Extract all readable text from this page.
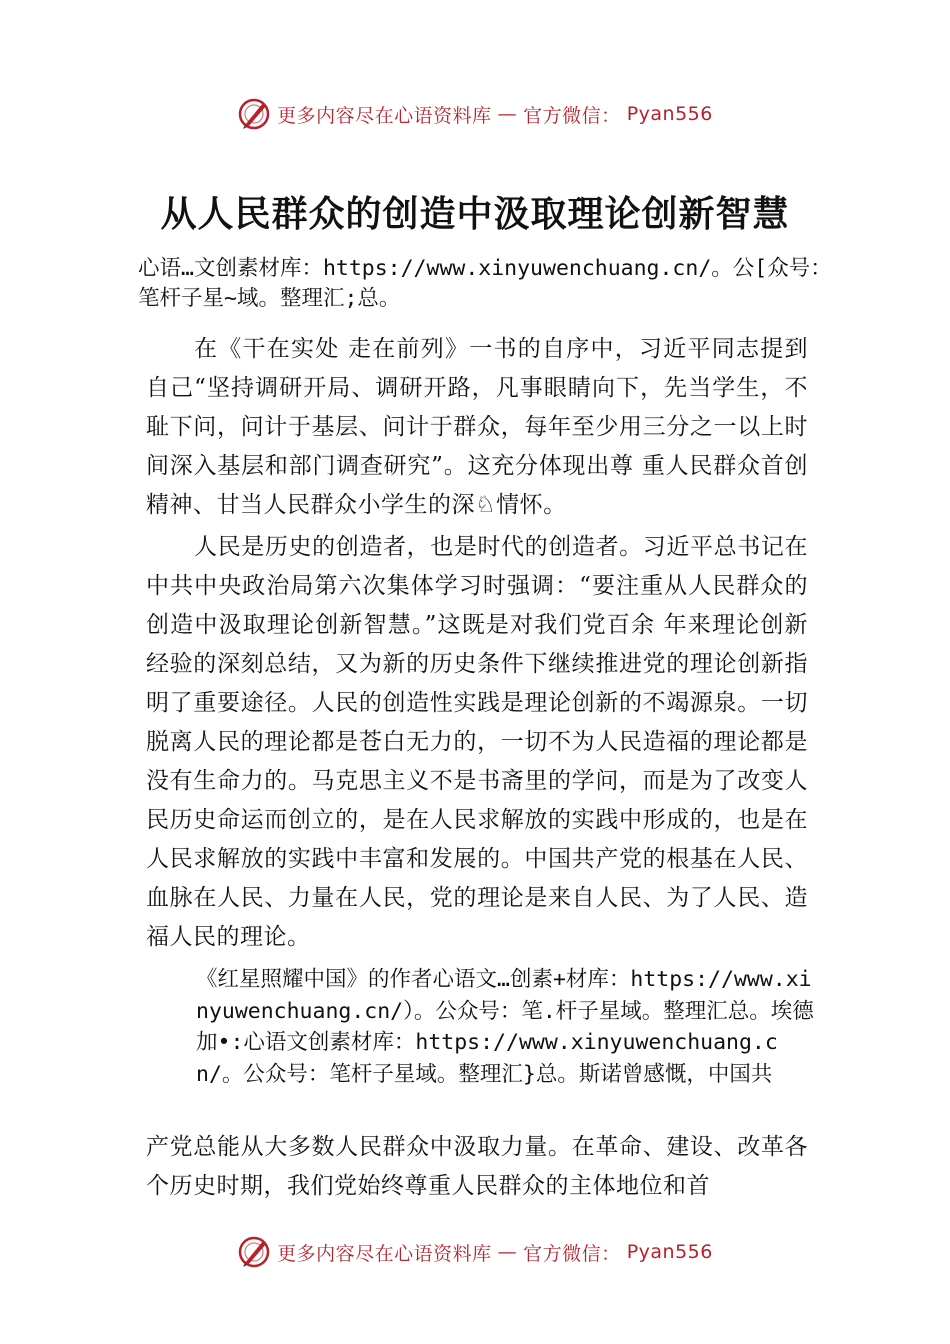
更多内容尽在心语资料库 — 官方微信： Pyan556
从人民群众的创造中汲取理论创新智慧

心语…文创素材库：https://www.xinyuwenchuang.cn/。公[众号：笔杆子星~域。整理汇;总。

在《干在实处 走在前列》一书的自序中，习近平同志提到自己“坚持调研开局、调研开路，凡事眼睛向下，先当学生，不耻下问，问计于基层、问计于群众，每年至少用三分之一以上时间深入基层和部门调查研究”。这充分体现出尊 重人民群众首创精神、甘当人民群众小学生的深♘情怀。

人民是历史的创造者，也是时代的创造者。习近平总书记在中共中央政治局第六次集体学习时强调：“要注重从人民群众的创造中汲取理论创新智慧。”这既是对我们党百余 年来理论创新经验的深刻总结，又为新的历史条件下继续推进党的理论创新指明了重要途径。人民的创造性实践是理论创新的不竭源泉。一切脱离人民的理论都是苍白无力的，一切不为人民造福的理论都是没有生命力的。马克思主义不是书斋里的学问，而是为了改变人民历史命运而创立的，是在人民求解放的实践中形成的，也是在人民求解放的实践中丰富和发展的。中国共产党的根基在人民、血脉在人民、力量在人民，党的理论是来自人民、为了人民、造福人民的理论。

《红星照耀中国》的作者心语文…创素+材库：https://www.xinyuwenchuang.cn/）。公众号：笔.杆子星域。整理汇总。埃德加•:心语文创素材库：https://www.xinyuwenchuang.cn/。公众号：笔杆子星域。整理汇}总。斯诺曾感慨，中国共

产党总能从大多数人民群众中汲取力量。在革命、建设、改革各个历史时期，我们党始终尊重人民群众的主体地位和首

更多内容尽在心语资料库 — 官方微信： Pyan556
